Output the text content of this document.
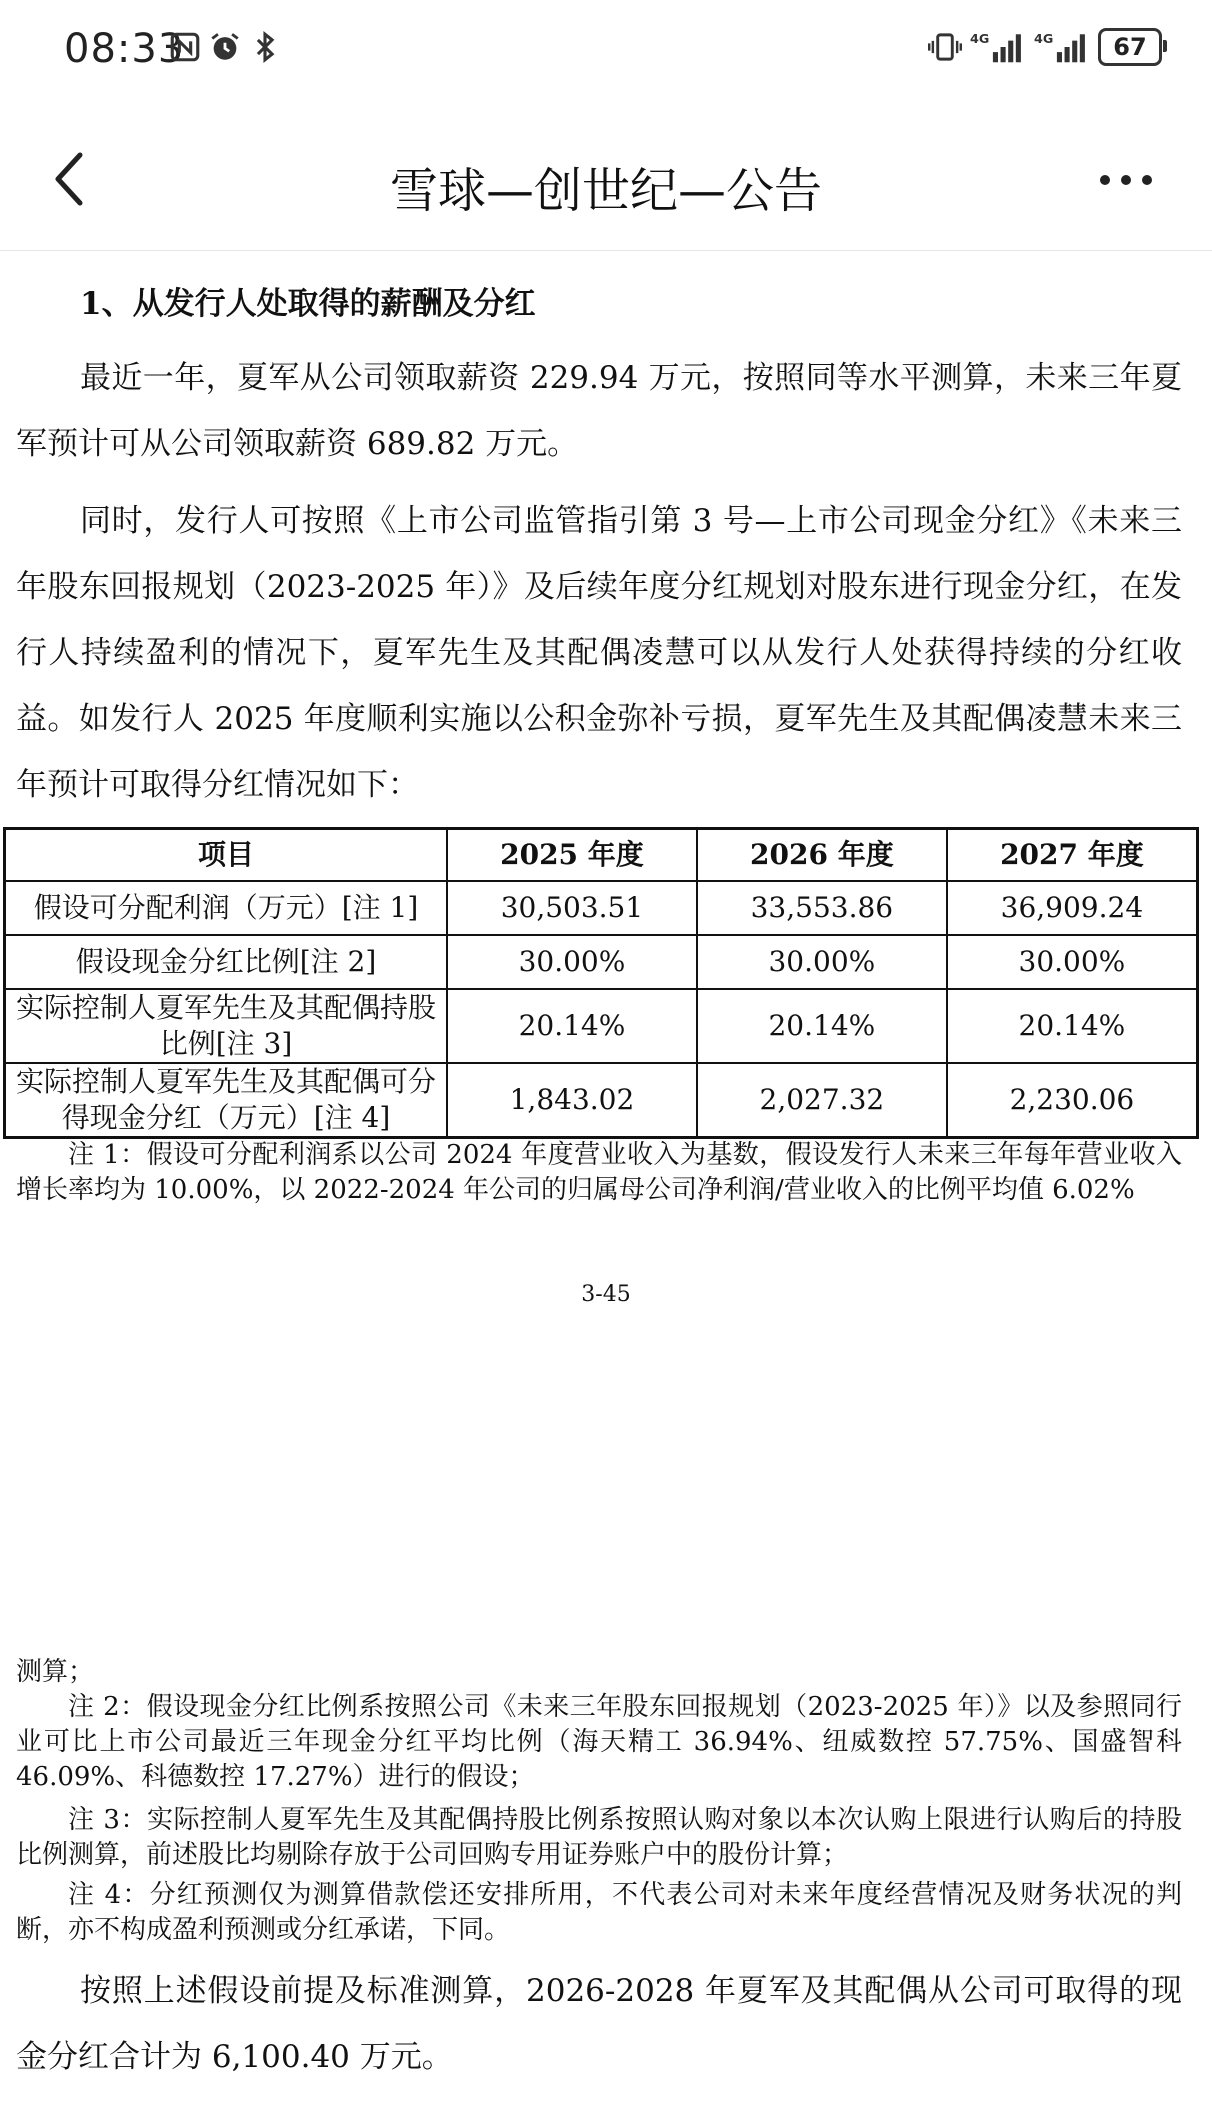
08:33	4G	4G	67
雪球—创世纪—公告
1、从发行人处取得的薪酬及分红

最近一年，夏军从公司领取薪资 229.94 万元，按照同等水平测算，未来三年夏军预计可从公司领取薪资 689.82 万元。

同时，发行人可按照《上市公司监管指引第 3 号—上市公司现金分红》《未来三年股东回报规划（2023-2025 年）》及后续年度分红规划对股东进行现金分红，在发行人持续盈利的情况下，夏军先生及其配偶凌慧可以从发行人处获得持续的分红收益。如发行人 2025 年度顺利实施以公积金弥补亏损，夏军先生及其配偶凌慧未来三年预计可取得分红情况如下：

项目	2025 年度	2026 年度	2027 年度
假设可分配利润（万元）[注 1]	30,503.51	33,553.86	36,909.24
假设现金分红比例[注 2]	30.00%	30.00%	30.00%
实际控制人夏军先生及其配偶持股比例[注 3]	20.14%	20.14%	20.14%
实际控制人夏军先生及其配偶可分得现金分红（万元）[注 4]	1,843.02	2,027.32	2,230.06

注 1：假设可分配利润系以公司 2024 年度营业收入为基数，假设发行人未来三年每年营业收入增长率均为 10.00%，以 2022-2024 年公司的归属母公司净利润/营业收入的比例平均值 6.02%

3-45

测算；

注 2：假设现金分红比例系按照公司《未来三年股东回报规划（2023-2025 年）》以及参照同行业可比上市公司最近三年现金分红平均比例（海天精工 36.94%、纽威数控 57.75%、国盛智科 46.09%、科德数控 17.27%）进行的假设；

注 3：实际控制人夏军先生及其配偶持股比例系按照认购对象以本次认购上限进行认购后的持股比例测算，前述股比均剔除存放于公司回购专用证券账户中的股份计算；

注 4：分红预测仅为测算借款偿还安排所用，不代表公司对未来年度经营情况及财务状况的判断，亦不构成盈利预测或分红承诺，下同。

按照上述假设前提及标准测算，2026-2028 年夏军及其配偶从公司可取得的现金分红合计为 6,100.40 万元。
